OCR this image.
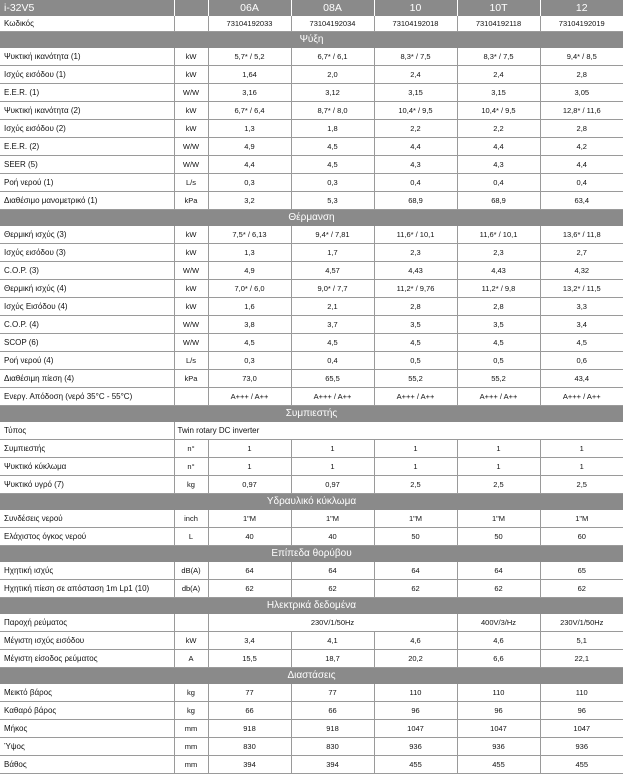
i-32V5		06A	08A	10	10T	12
Κωδικός		73104192033	73104192034	73104192018	73104192118	73104192019
Ψύξη						
Ψυκτική ικανότητα (1)	kW	5,7* / 5,2	6,7* / 6,1	8,3* / 7,5	8,3* / 7,5	9,4* / 8,5
Ισχύς εισόδου (1)	kW	1,64	2,0	2,4	2,4	2,8
E.E.R. (1)	W/W	3,16	3,12	3,15	3,15	3,05
Ψυκτική ικανότητα (2)	kW	6,7* / 6,4	8,7* / 8,0	10,4* / 9,5	10,4* / 9,5	12,8* / 11,6
Ισχύς εισόδου (2)	kW	1,3	1,8	2,2	2,2	2,8
E.E.R. (2)	W/W	4,9	4,5	4,4	4,4	4,2
SEER (5)	W/W	4,4	4,5	4,3	4,3	4,4
Ροή νερού (1)	L/s	0,3	0,3	0,4	0,4	0,4
Διαθέσιμο μανομετρικό (1)	kPa	3,2	5,3	68,9	68,9	63,4
Θέρμανση						
Θερμική ισχύς (3)	kW	7,5* / 6,13	9,4* / 7,81	11,6* / 10,1	11,6* / 10,1	13,6* / 11,8
Ισχύς εισόδου (3)	kW	1,3	1,7	2,3	2,3	2,7
C.O.P. (3)	W/W	4,9	4,57	4,43	4,43	4,32
Θερμική ισχύς (4)	kW	7,0* / 6,0	9,0* / 7,7	11,2* / 9,76	11,2* / 9,8	13,2* / 11,5
Ισχύς Εισόδου (4)	kW	1,6	2,1	2,8	2,8	3,3
C.O.P. (4)	W/W	3,8	3,7	3,5	3,5	3,4
SCOP (6)	W/W	4,5	4,5	4,5	4,5	4,5
Ροή νερού (4)	L/s	0,3	0,4	0,5	0,5	0,6
Διαθέσιμη πίεση (4)	kPa	73,0	65,5	55,2	55,2	43,4
Ενεργ. Απόδοση (νερό 35°C - 55°C)		A+++ / A++	A+++ / A++	A+++ / A++	A+++ / A++	A+++ / A++
Συμπιεστής						
Τύπος	Twin rotary DC inverter					
Συμπιεστής	n°	1	1	1	1	1
Ψυκτικό κύκλωμα	n°	1	1	1	1	1
Ψυκτικό υγρό (7)	kg	0,97	0,97	2,5	2,5	2,5
Υδραυλικό κύκλωμα						
Συνδέσεις νερού	inch	1"M	1"M	1"M	1"M	1"M
Ελάχιστος όγκος νερού	L	40	40	50	50	60
Επίπεδα θορύβου						
Ηχητική ισχύς	dB(A)	64	64	64	64	65
Ηχητική πίεση σε απόσταση 1m Lp1 (10)	db(A)	62	62	62	62	62
Ηλεκτρικά δεδομένα						
Παροχή ρεύματος		230V/1/50Hz			400V/3/Hz	230V/1/50Hz
Μέγιστη ισχύς εισόδου	kW	3,4	4,1	4,6	4,6	5,1
Μέγιστη είσοδος ρεύματος	A	15,5	18,7	20,2	6,6	22,1
Διαστάσεις						
Μεικτό βάρος	kg	77	77	110	110	110
Καθαρό βάρος	kg	66	66	96	96	96
Μήκος	mm	918	918	1047	1047	1047
Ύψος	mm	830	830	936	936	936
Βάθος	mm	394	394	455	455	455
